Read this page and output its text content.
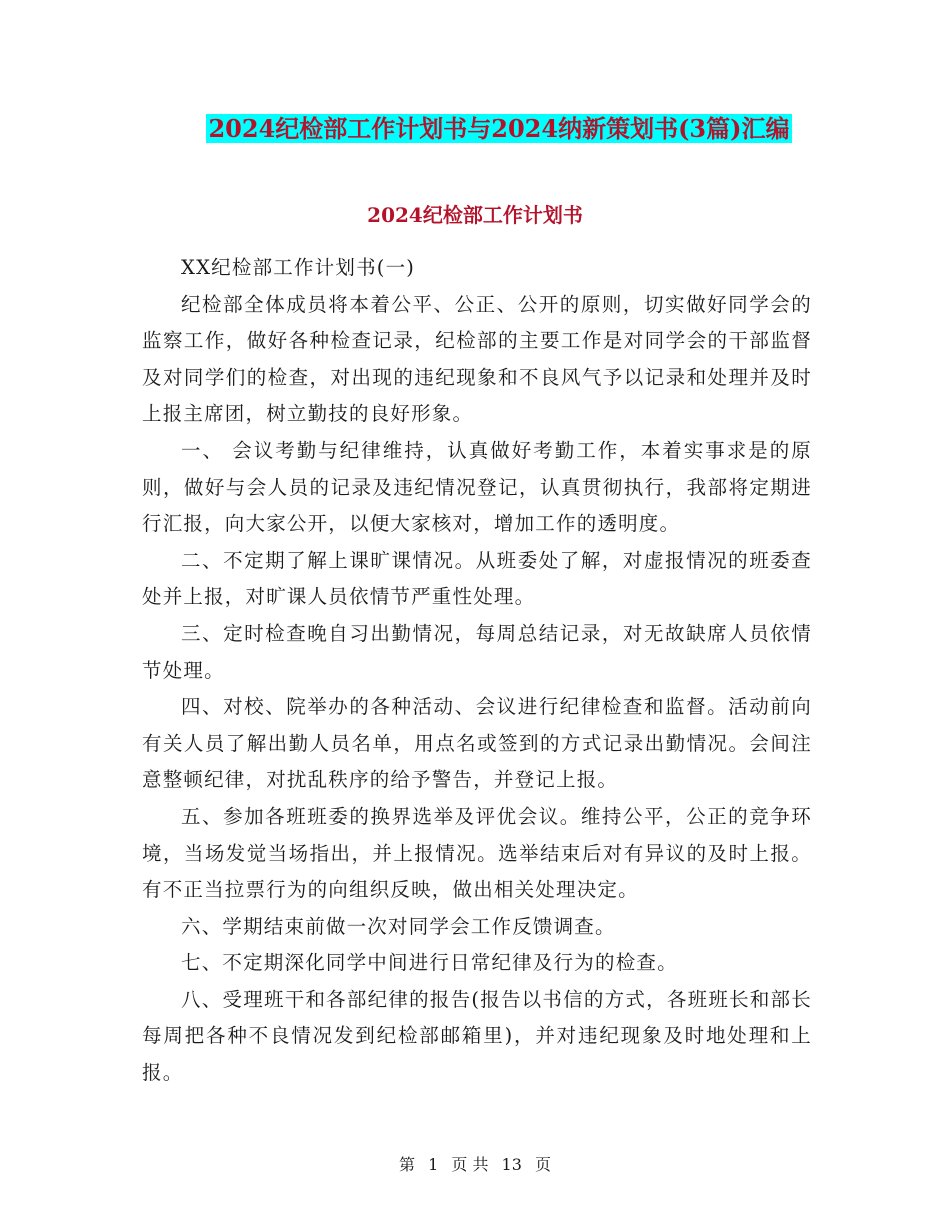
2024纪检部工作计划书与2024纳新策划书(3篇)汇编
2024纪检部工作计划书

XX纪检部工作计划书(一)

纪检部全体成员将本着公平、公正、公开的原则，切实做好同学会的监察工作，做好各种检查记录，纪检部的主要工作是对同学会的干部监督及对同学们的检查，对出现的违纪现象和不良风气予以记录和处理并及时上报主席团，树立勤技的良好形象。

一、 会议考勤与纪律维持，认真做好考勤工作，本着实事求是的原则，做好与会人员的记录及违纪情况登记，认真贯彻执行，我部将定期进行汇报，向大家公开，以便大家核对，增加工作的透明度。

二、不定期了解上课旷课情况。从班委处了解，对虚报情况的班委查处并上报，对旷课人员依情节严重性处理。

三、定时检查晚自习出勤情况，每周总结记录，对无故缺席人员依情节处理。

四、对校、院举办的各种活动、会议进行纪律检查和监督。活动前向有关人员了解出勤人员名单，用点名或签到的方式记录出勤情况。会间注意整顿纪律，对扰乱秩序的给予警告，并登记上报。

五、参加各班班委的换界选举及评优会议。维持公平，公正的竞争环境，当场发觉当场指出，并上报情况。选举结束后对有异议的及时上报。有不正当拉票行为的向组织反映，做出相关处理决定。

六、学期结束前做一次对同学会工作反馈调查。

七、不定期深化同学中间进行日常纪律及行为的检查。

八、受理班干和各部纪律的报告(报告以书信的方式，各班班长和部长每周把各种不良情况发到纪检部邮箱里)，并对违纪现象及时地处理和上报。

第 1 页 共 13 页
